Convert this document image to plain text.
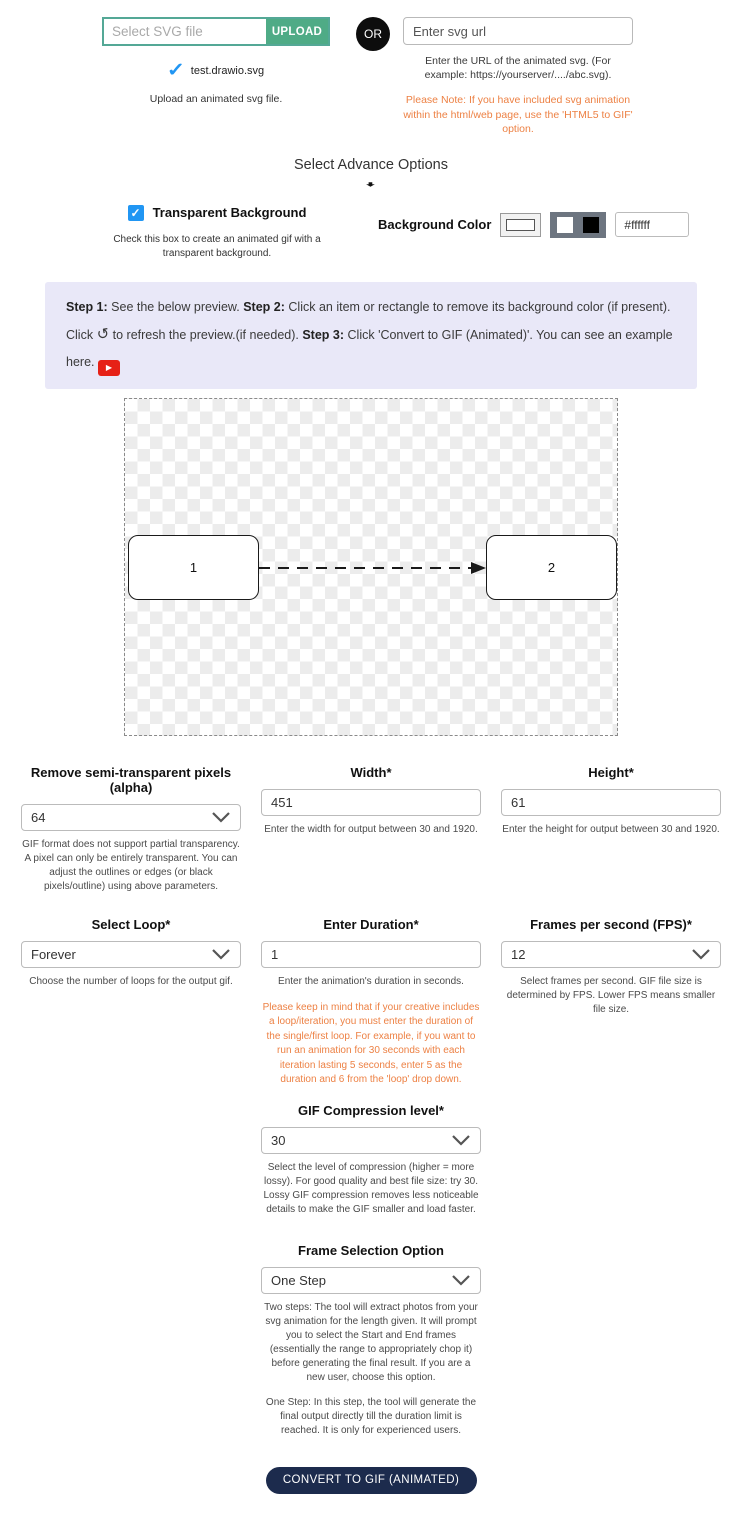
Select SVG file
UPLOAD
✓ test.drawio.svg
Upload an animated svg file.
OR
Enter svg url
Enter the URL of the animated svg. (For example: https://yourserver/..../abc.svg).
Please Note: If you have included svg animation within the html/web page, use the 'HTML5 to GIF' option.
Select Advance Options
➧
✓ Transparent Background
Check this box to create an animated gif with a transparent background.
Background Color
#ffffff
Step 1: See the below preview. Step 2: Click an item or rectangle to remove its background color (if present). Click ↺ to refresh the preview.(if needed). Step 3: Click 'Convert to GIF (Animated)'. You can see an example here. ▶
1	2
Remove semi-transparent pixels (alpha)
64
GIF format does not support partial transparency. A pixel can only be entirely transparent. You can adjust the outlines or edges (or black pixels/outline) using above parameters.
Width*
451
Enter the width for output between 30 and 1920.
Height*
61
Enter the height for output between 30 and 1920.
Select Loop*
Forever
Choose the number of loops for the output gif.
Enter Duration*
1
Enter the animation's duration in seconds.
Please keep in mind that if your creative includes a loop/iteration, you must enter the duration of the single/first loop. For example, if you want to run an animation for 30 seconds with each iteration lasting 5 seconds, enter 5 as the duration and 6 from the 'loop' drop down.
Frames per second (FPS)*
12
Select frames per second. GIF file size is determined by FPS. Lower FPS means smaller file size.
GIF Compression level*
30
Select the level of compression (higher = more lossy). For good quality and best file size: try 30. Lossy GIF compression removes less noticeable details to make the GIF smaller and load faster.
Frame Selection Option
One Step
Two steps: The tool will extract photos from your svg animation for the length given. It will prompt you to select the Start and End frames (essentially the range to appropriately chop it) before generating the final result. If you are a new user, choose this option.
One Step: In this step, the tool will generate the final output directly till the duration limit is reached. It is only for experienced users.
CONVERT TO GIF (ANIMATED)
